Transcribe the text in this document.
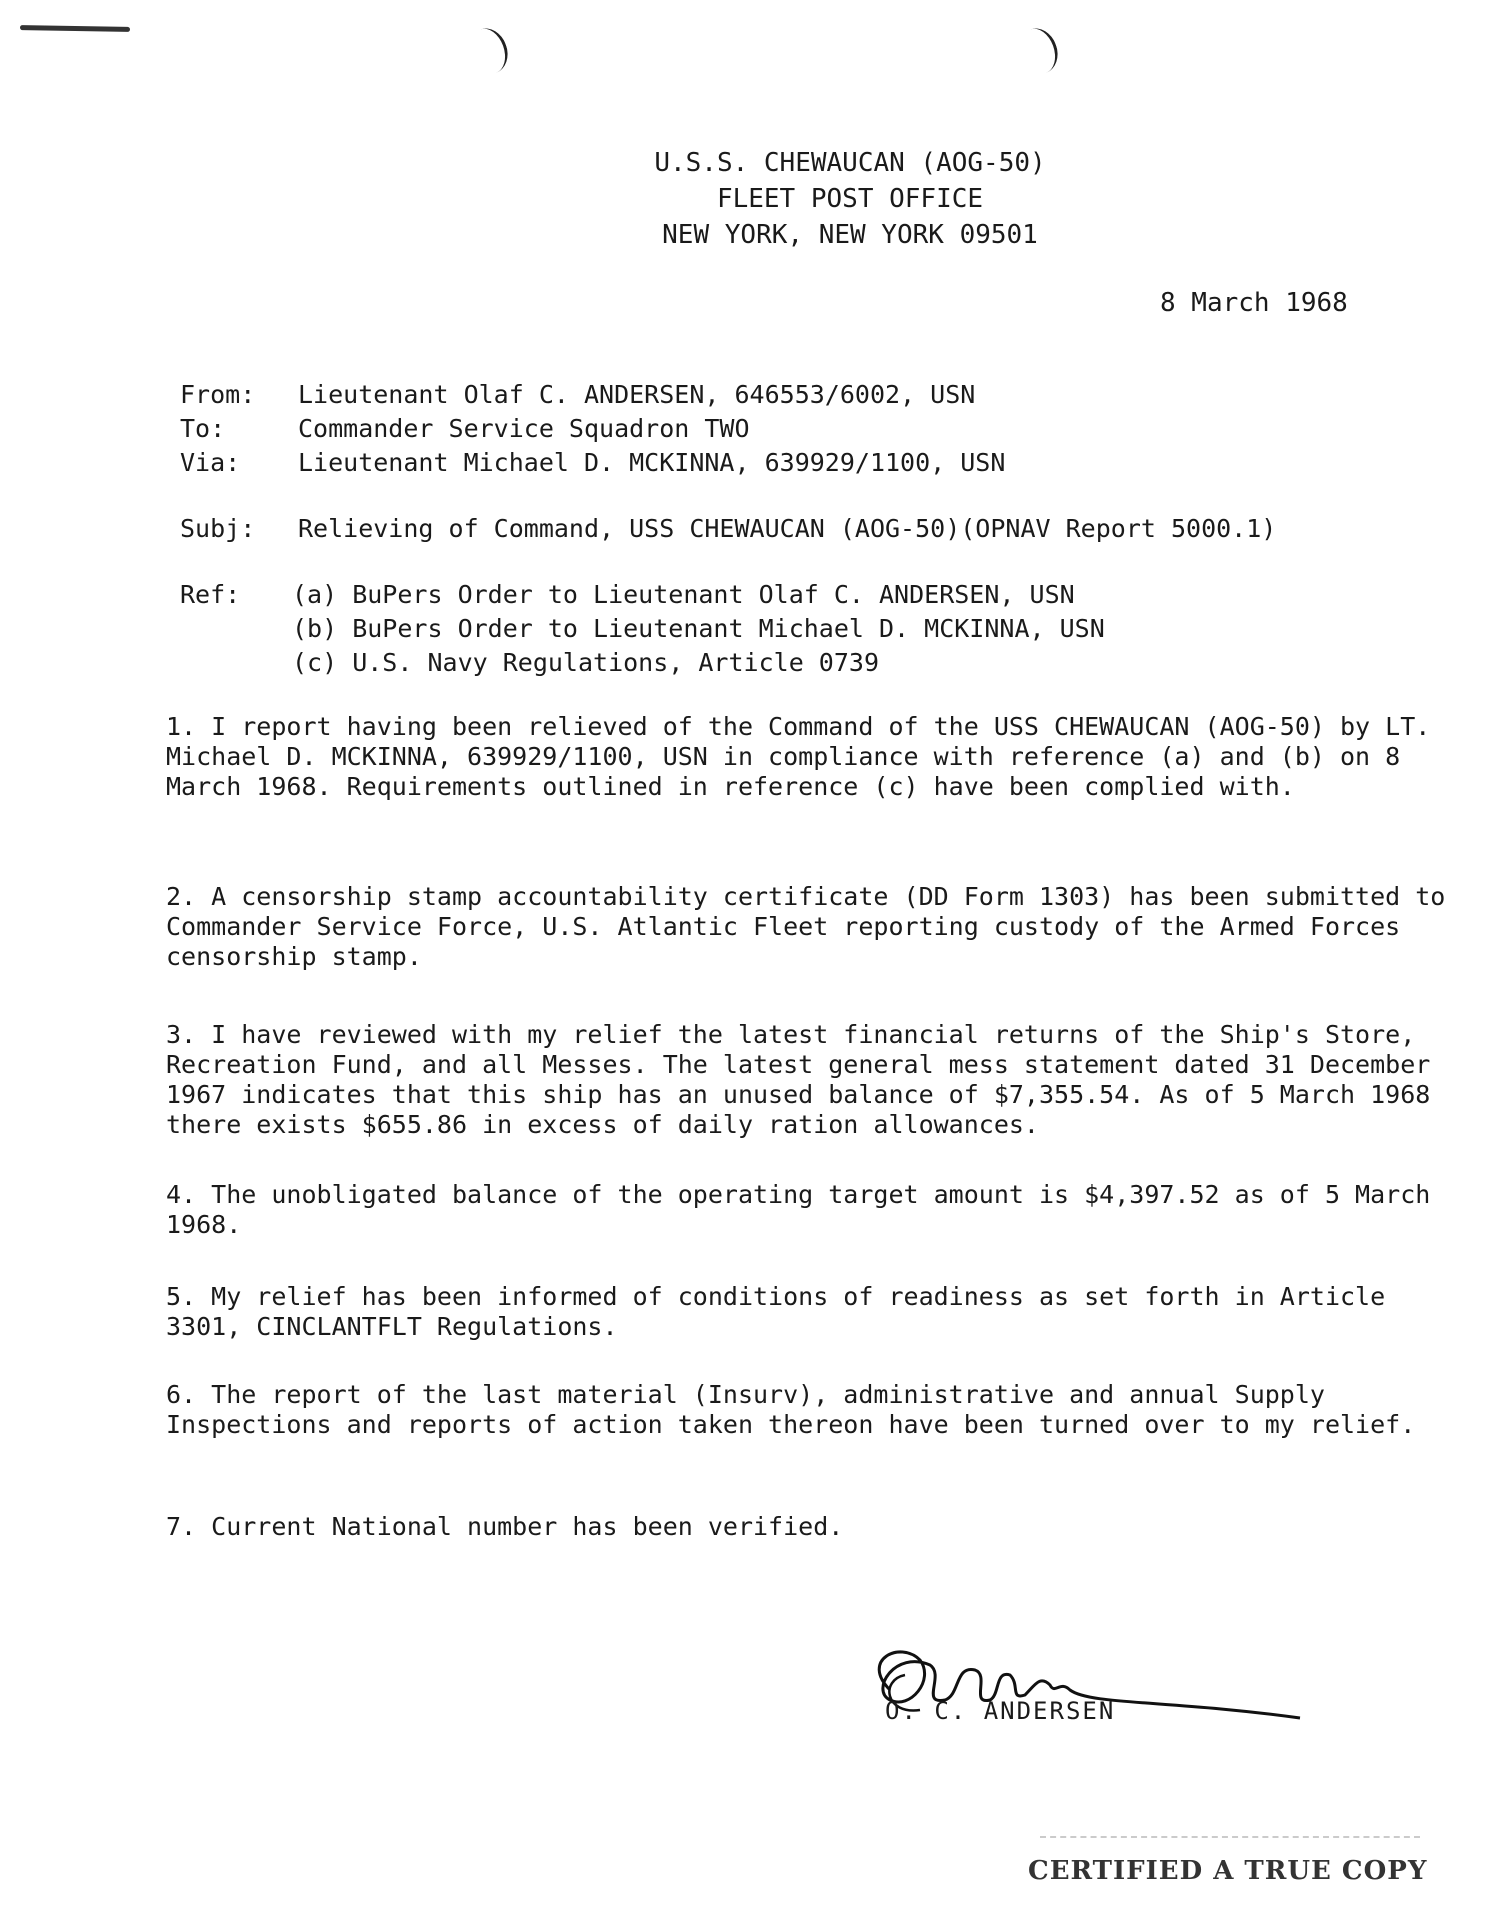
U.S.S. CHEWAUCAN (AOG-50)
FLEET POST OFFICE
NEW YORK, NEW YORK 09501
8 March 1968
From: Lieutenant Olaf C. ANDERSEN, 646553/6002, USN
To:	Commander Service Squadron TWO
Via: Lieutenant Michael D. MCKINNA, 639929/1100, USN
Subj: Relieving of Command, USS CHEWAUCAN (AOG-50)(OPNAV Report 5000.1)
Ref: (a) BuPers Order to Lieutenant Olaf C. ANDERSEN, USN
(b) BuPers Order to Lieutenant Michael D. MCKINNA, USN
(c) U.S. Navy Regulations, Article 0739
1. I report having been relieved of the Command of the USS CHEWAUCAN (AOG-50) by LT. Michael D. MCKINNA, 639929/1100, USN in compliance with reference (a) and (b) on 8 March 1968. Requirements outlined in reference (c) have been complied with.
2. A censorship stamp accountability certificate (DD Form 1303) has been submitted to Commander Service Force, U.S. Atlantic Fleet reporting custody of the Armed Forces censorship stamp.
3. I have reviewed with my relief the latest financial returns of the Ship's Store, Recreation Fund, and all Messes. The latest general mess statement dated 31 December 1967 indicates that this ship has an unused balance of $7,355.54. As of 5 March 1968 there exists $655.86 in excess of daily ration allowances.
4. The unobligated balance of the operating target amount is $4,397.52 as of 5 March 1968.
5. My relief has been informed of conditions of readiness as set forth in Article 3301, CINCLANTFLT Regulations.
6. The report of the last material (Insurv), administrative and annual Supply Inspections and reports of action taken thereon have been turned over to my relief.
7. Current National number has been verified.
O. C. ANDERSEN
CERTIFIED A TRUE COPY
